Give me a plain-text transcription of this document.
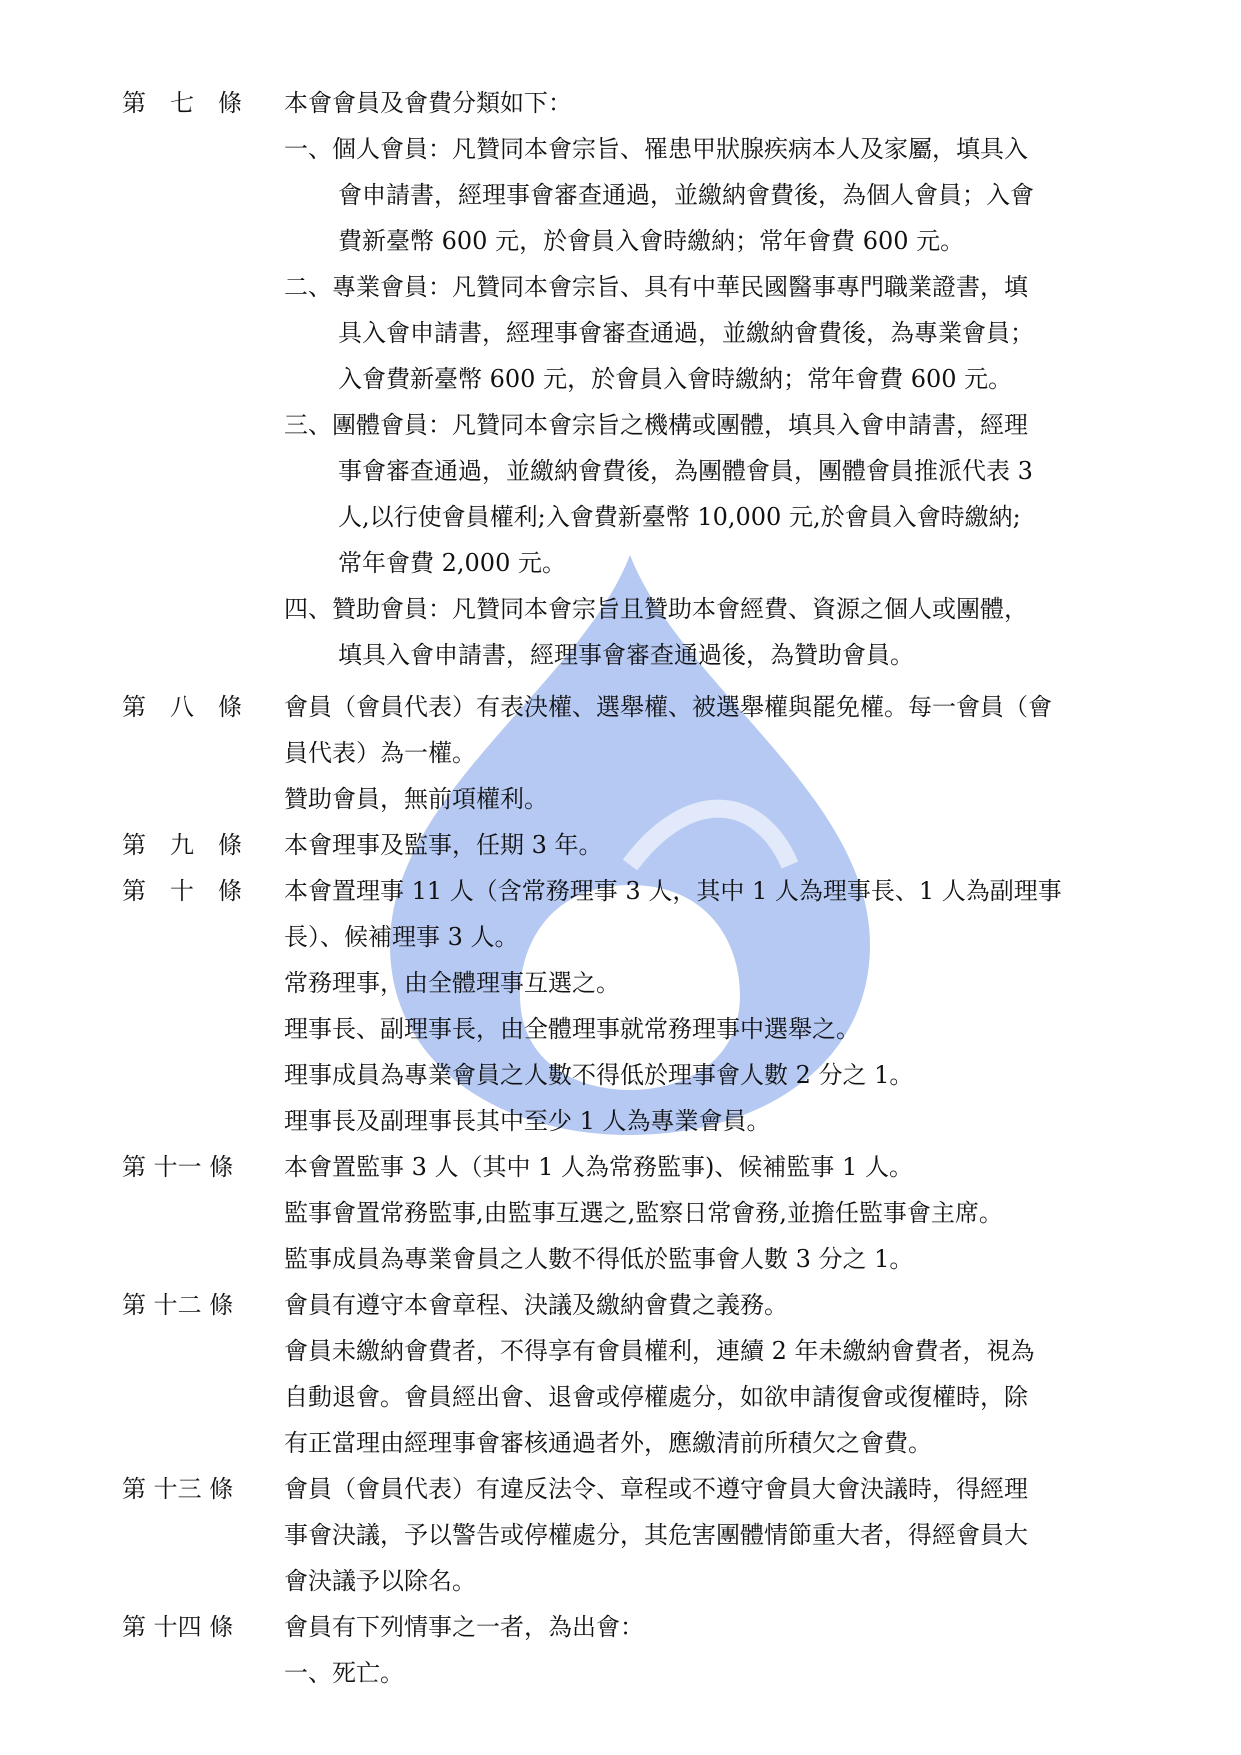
第　七　條	本會會員及會費分類如下：
一、個人會員：凡贊同本會宗旨、罹患甲狀腺疾病本人及家屬，填具入
會申請書，經理事會審查通過，並繳納會費後，為個人會員；入會
費新臺幣 600 元，於會員入會時繳納；常年會費 600 元。
二、專業會員：凡贊同本會宗旨、具有中華民國醫事專門職業證書，填
具入會申請書，經理事會審查通過，並繳納會費後，為專業會員；
入會費新臺幣 600 元，於會員入會時繳納；常年會費 600 元。
三、團體會員：凡贊同本會宗旨之機構或團體，填具入會申請書，經理
事會審查通過，並繳納會費後，為團體會員，團體會員推派代表 3
人,以行使會員權利;入會費新臺幣 10,000 元,於會員入會時繳納;
常年會費 2,000 元。
四、贊助會員：凡贊同本會宗旨且贊助本會經費、資源之個人或團體，
填具入會申請書，經理事會審查通過後，為贊助會員。
第　八　條	會員（會員代表）有表決權、選舉權、被選舉權與罷免權。每一會員（會
員代表）為一權。
贊助會員，無前項權利。
第　九　條	本會理事及監事，任期 3 年。
第　十　條	本會置理事 11 人（含常務理事 3 人，其中 1 人為理事長、1 人為副理事
長）、候補理事 3 人。
常務理事，由全體理事互選之。
理事長、副理事長，由全體理事就常務理事中選舉之。
理事成員為專業會員之人數不得低於理事會人數 2 分之 1。
理事長及副理事長其中至少 1 人為專業會員。
第 十一 條	本會置監事 3 人（其中 1 人為常務監事)、候補監事 1 人。
監事會置常務監事,由監事互選之,監察日常會務,並擔任監事會主席。
監事成員為專業會員之人數不得低於監事會人數 3 分之 1。
第 十二 條	會員有遵守本會章程、決議及繳納會費之義務。
會員未繳納會費者，不得享有會員權利，連續 2 年未繳納會費者，視為
自動退會。會員經出會、退會或停權處分，如欲申請復會或復權時，除
有正當理由經理事會審核通過者外，應繳清前所積欠之會費。
第 十三 條	會員（會員代表）有違反法令、章程或不遵守會員大會決議時，得經理
事會決議，予以警告或停權處分，其危害團體情節重大者，得經會員大
會決議予以除名。
第 十四 條	會員有下列情事之一者，為出會：
一、死亡。
